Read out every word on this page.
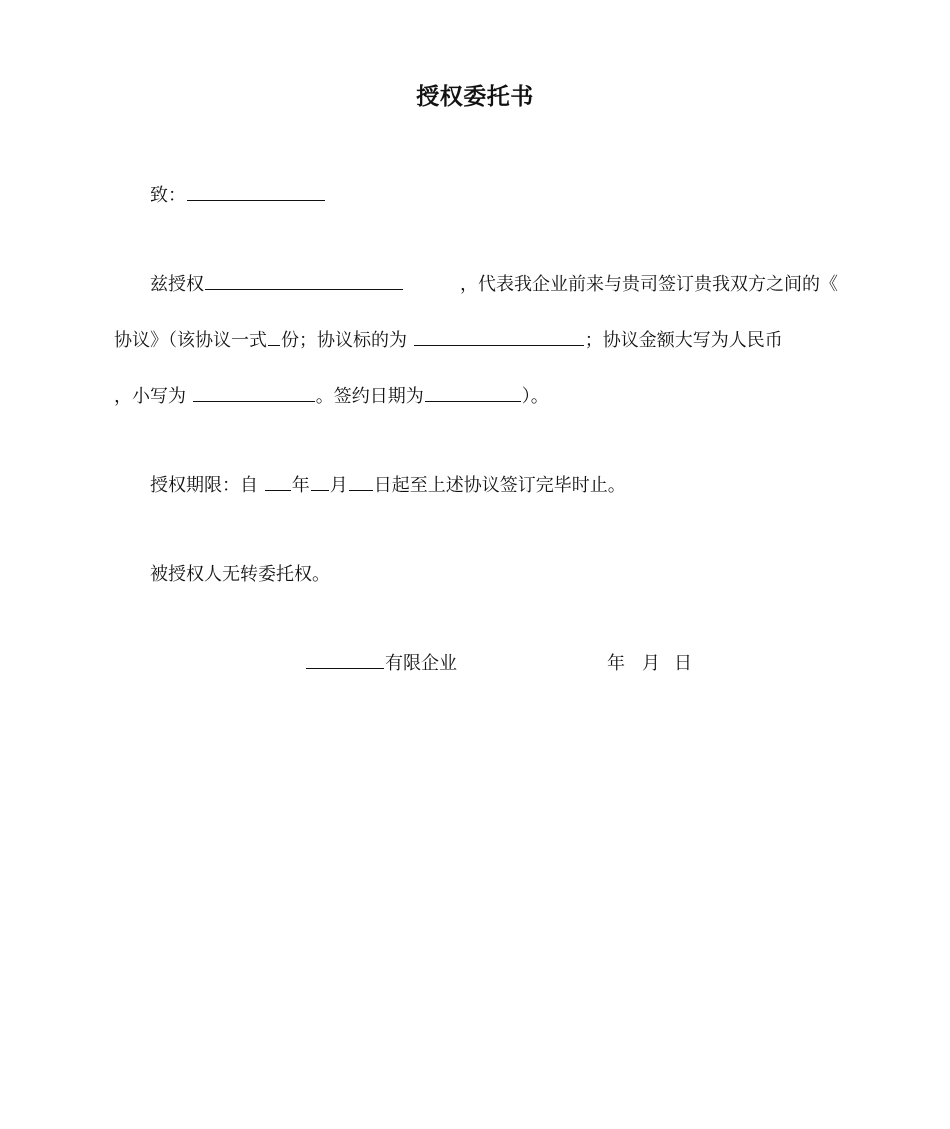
授权委托书
致：
兹授权	，代表我企业前来与贵司签订贵我双方之间的《
协议》（该协议一式 份；协议标的为	；协议金额大写为人民币
，小写为	。签约日期为	）。
授权期限：自 年 月 日起至上述协议签订完毕时止。
被授权人无转委托权。
有限企业	年 月 日
